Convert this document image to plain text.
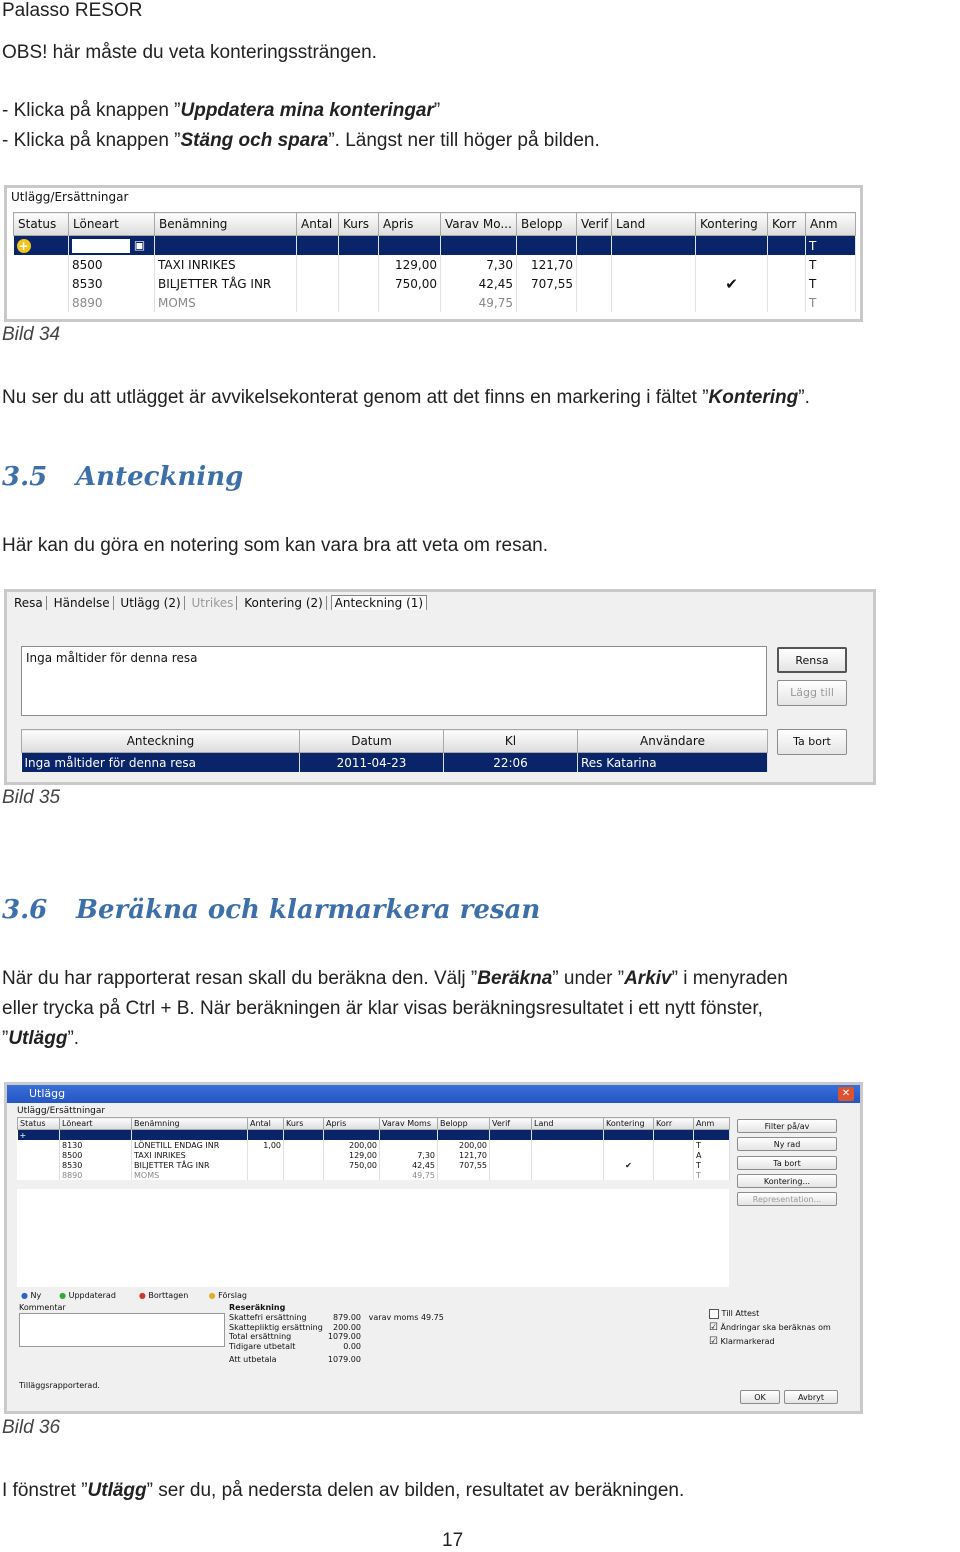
Palasso RESOR
OBS! här måste du veta konteringssträngen.
- Klicka på knappen ”Uppdatera mina konteringar”
- Klicka på knappen ”Stäng och spara”. Längst ner till höger på bilden.
Utlägg/Ersättningar
Status	Löneart	Benämning	Antal	Kurs	Apris	Varav Mo...	Belopp	Verif	Land	Kontering	Korr	Anm
+	▣											T
	8500	TAXI INRIKES			129,00	7,30	121,70					T
	8530	BILJETTER TÅG INR			750,00	42,45	707,55			✔		T
	8890	MOMS				49,75						T
Bild 34
Nu ser du att utlägget är avvikelsekonterat genom att det finns en markering i fältet ”Kontering”.
3.5 Anteckning
Här kan du göra en notering som kan vara bra att veta om resan.
Resa Händelse Utlägg (2) Utrikes Kontering (2) Anteckning (1)
Inga måltider för denna resa	Rensa
Lägg till
Ta bort
Anteckning	Datum	Kl	Användare
Inga måltider för denna resa	2011-04-23	22:06	Res Katarina
Bild 35
3.6 Beräkna och klarmarkera resan
När du har rapporterat resan skall du beräkna den. Välj ”Beräkna” under ”Arkiv” i menyraden
eller trycka på Ctrl + B. När beräkningen är klar visas beräkningsresultatet i ett nytt fönster,
”Utlägg”.
Utlägg	✕
Utlägg/Ersättningar
Status	Löneart	Benämning	Antal	Kurs	Apris	Varav Moms	Belopp	Verif	Land	Kontering	Korr	Anm
+												
	8130	LÖNETILL ENDAG INR	1,00		200,00		200,00					T
	8500	TAXI INRIKES			129,00	7,30	121,70					A
	8530	BILJETTER TÅG INR			750,00	42,45	707,55			✔		T
	8890	MOMS				49,75						T
Filter på/av
Ny rad
Ta bort
Kontering...
Representation...
● Ny ● Uppdaterad	● Borttagen	● Förslag
Kommentar	Reseräkning
Skattefri ersättning	879.00 varav moms 49.75
Skattepliktig ersättning 200.00
Total ersättning	1079.00
Tidigare utbetalt	0.00
Att utbetala	1079.00
Till Attest
☑ Ändringar ska beräknas om
☑ Klarmarkerad
Tilläggsrapporterad.
OK	Avbryt
Bild 36
I fönstret ”Utlägg” ser du, på nedersta delen av bilden, resultatet av beräkningen.
17
